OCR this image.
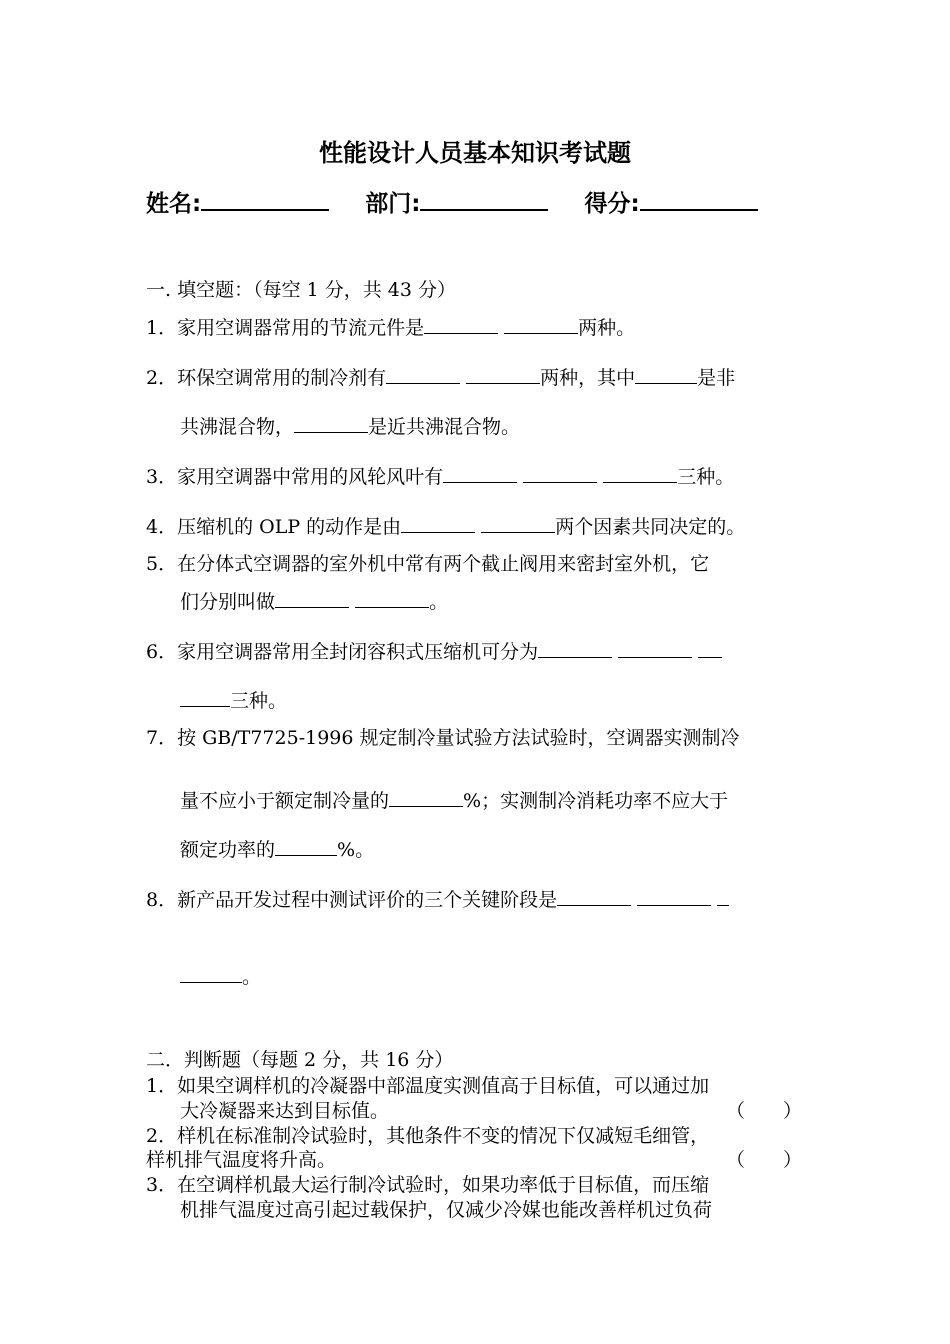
性能设计人员基本知识考试题
姓名:	部门:	得分:
一. 填空题：（每空 1 分，共 43 分）
1．家用空调器常用的节流元件是	两种。
2．环保空调常用的制冷剂有	两种，其中	是非
共沸混合物，	是近共沸混合物。
3．家用空调器中常用的风轮风叶有	三种。
4．压缩机的 OLP 的动作是由	两个因素共同决定的。
5．在分体式空调器的室外机中常有两个截止阀用来密封室外机，它
们分别叫做	。
6．家用空调器常用全封闭容积式压缩机可分为
三种。
7．按 GB/T7725-1996 规定制冷量试验方法试验时，空调器实测制冷
量不应小于额定制冷量的	%；实测制冷消耗功率不应大于
额定功率的	%。
8．新产品开发过程中测试评价的三个关键阶段是
。
二．判断题（每题 2 分，共 16 分）
1．如果空调样机的冷凝器中部温度实测值高于目标值，可以通过加
大冷凝器来达到目标值。	（　　）
2．样机在标准制冷试验时，其他条件不变的情况下仅减短毛细管，
样机排气温度将升高。	（　　）
3．在空调样机最大运行制冷试验时，如果功率低于目标值，而压缩
机排气温度过高引起过载保护，仅减少冷媒也能改善样机过负荷
